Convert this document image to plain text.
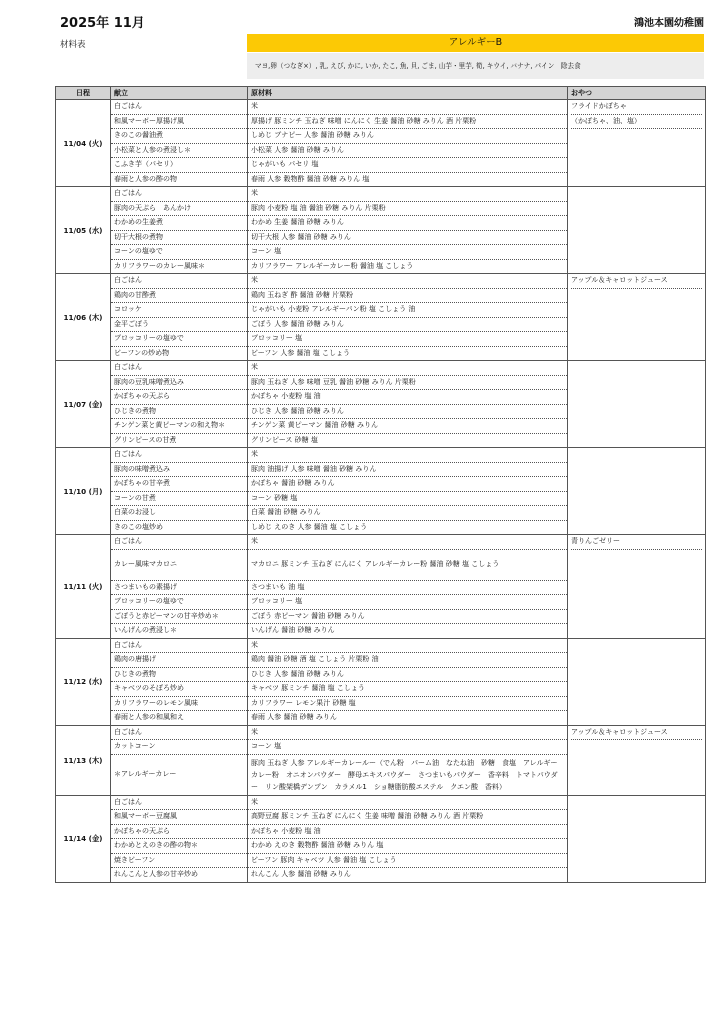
2025年 11月	鴻池本園幼稚園
材料表	アレルギーB
マヨ,卵（つなぎ×）, 乳, えび, かに, いか, たこ, 魚, 貝, ごま, 山芋・里芋, 筍, キウイ, バナナ, パイン　除去食
日程	献立	原材料	おやつ
11/04 (火)	白ごはん	米	フライドかぼちゃ
（かぼちゃ、油、塩）

	和風マーボー厚揚げ風	厚揚げ 豚ミンチ 玉ねぎ 味噌 にんにく 生姜 醤油 砂糖 みりん 酒 片栗粉	
	きのこの醤油煮	しめじ ブナピー 人参 醤油 砂糖 みりん	
	小松菜と人参の煮浸し＊	小松菜 人参 醤油 砂糖 みりん	
	こふき芋（パセリ）	じゃがいも パセリ 塩	
	春雨と人参の酢の物	春雨 人参 穀物酢 醤油 砂糖 みりん 塩	
11/05 (水)	白ごはん	米	
	豚肉の天ぷら　あんかけ	豚肉 小麦粉 塩 油 醤油 砂糖 みりん 片栗粉	
	わかめの生姜煮	わかめ 生姜 醤油 砂糖 みりん	
	切干大根の煮物	切干大根 人参 醤油 砂糖 みりん	
	コーンの塩ゆで	コーン 塩	
	カリフラワーのカレー風味＊	カリフラワー アレルギーカレー粉 醤油 塩 こしょう	
11/06 (木)	白ごはん	米	アップル＆キャロットジュース

	鶏肉の甘酢煮	鶏肉 玉ねぎ 酢 醤油 砂糖 片栗粉	
	コロッケ	じゃがいも 小麦粉 アレルギーパン粉 塩 こしょう 油	
	金平ごぼう	ごぼう 人参 醤油 砂糖 みりん	
	ブロッコリーの塩ゆで	ブロッコリー 塩	
	ビーフンの炒め物	ビーフン 人参 醤油 塩 こしょう	
11/07 (金)	白ごはん	米	
	豚肉の豆乳味噌煮込み	豚肉 玉ねぎ 人参 味噌 豆乳 醤油 砂糖 みりん 片栗粉	
	かぼちゃの天ぷら	かぼちゃ 小麦粉 塩 油	
	ひじきの煮物	ひじき 人参 醤油 砂糖 みりん	
	チンゲン菜と黄ピーマンの和え物＊	チンゲン菜 黄ピーマン 醤油 砂糖 みりん	
	グリンピースの甘煮	グリンピース 砂糖 塩	
11/10 (月)	白ごはん	米	
	豚肉の味噌煮込み	豚肉 油揚げ 人参 味噌 醤油 砂糖 みりん	
	かぼちゃの甘辛煮	かぼちゃ 醤油 砂糖 みりん	
	コーンの甘煮	コーン 砂糖 塩	
	白菜のお浸し	白菜 醤油 砂糖 みりん	
	きのこの塩炒め	しめじ えのき 人参 醤油 塩 こしょう	
11/11 (火)	白ごはん	米	青りんごゼリー

	カレー風味マカロニ	マカロニ 豚ミンチ 玉ねぎ にんにく アレルギーカレー粉 醤油 砂糖 塩 こしょう	
	さつまいもの素揚げ	さつまいも 油 塩	
	ブロッコリーの塩ゆで	ブロッコリー 塩	
	ごぼうと赤ピーマンの甘辛炒め＊	ごぼう 赤ピーマン 醤油 砂糖 みりん	
	いんげんの煮浸し＊	いんげん 醤油 砂糖 みりん	
11/12 (水)	白ごはん	米	
	鶏肉の唐揚げ	鶏肉 醤油 砂糖 酒 塩 こしょう 片栗粉 油	
	ひじきの煮物	ひじき 人参 醤油 砂糖 みりん	
	キャベツのそぼろ炒め	キャベツ 豚ミンチ 醤油 塩 こしょう	
	カリフラワーのレモン風味	カリフラワー レモン果汁 砂糖 塩	
	春雨と人参の和風和え	春雨 人参 醤油 砂糖 みりん	
11/13 (木)	白ごはん	米	アップル＆キャロットジュース

	カットコーン	コーン 塩	
	＊アレルギーカレー	豚肉 玉ねぎ 人参 アレルギーカレールー（でん粉　パーム油　なたね油　砂糖　食塩　アレルギーカレー粉　オニオンパウダー　酵母エキスパウダー　さつまいもパウダー　香辛料　トマトパウダー　リン酸架橋デンプン　カラメル1　ショ糖脂肪酸エステル　クエン酸　香料）	
11/14 (金)	白ごはん	米	
	和風マーボー豆腐風	高野豆腐 豚ミンチ 玉ねぎ にんにく 生姜 味噌 醤油 砂糖 みりん 酒 片栗粉	
	かぼちゃの天ぷら	かぼちゃ 小麦粉 塩 油	
	わかめとえのきの酢の物＊	わかめ えのき 穀物酢 醤油 砂糖 みりん 塩	
	焼きビーフン	ビーフン 豚肉 キャベツ 人参 醤油 塩 こしょう	
	れんこんと人参の甘辛炒め	れんこん 人参 醤油 砂糖 みりん	
